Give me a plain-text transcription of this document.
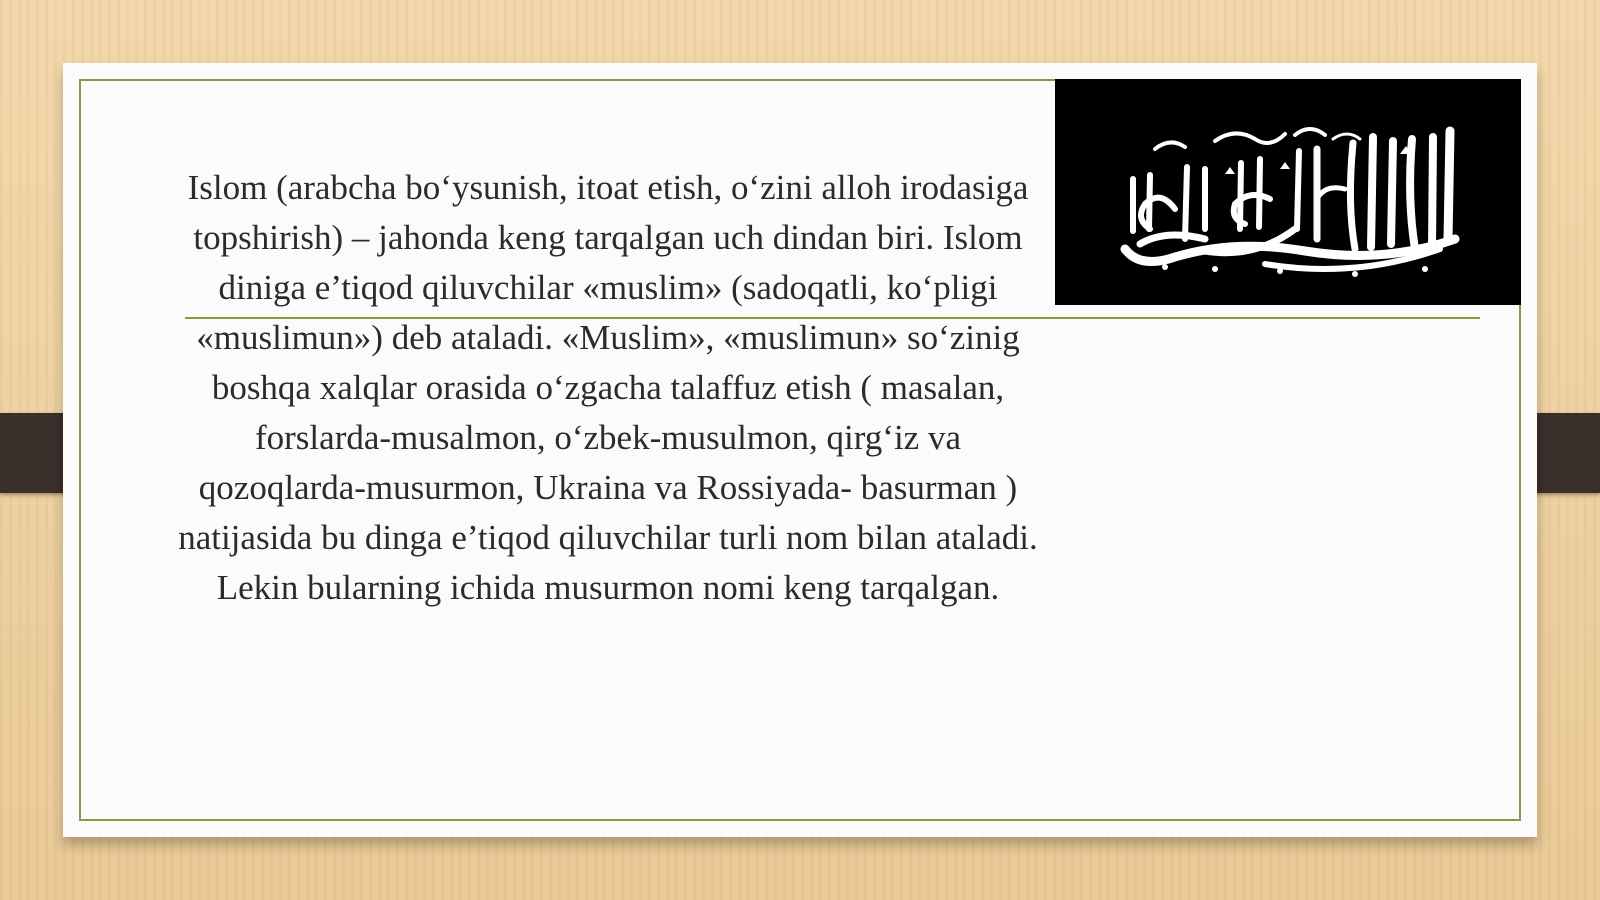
Islom (arabcha bo‘ysunish, itoat etish, o‘zini alloh irodasiga topshirish) – jahonda keng tarqalgan uch dindan biri. Islom diniga e’tiqod qiluvchilar «muslim» (sadoqatli, ko‘pligi «muslimun») deb ataladi. «Muslim», «muslimun» so‘zinig boshqa xalqlar orasida o‘zgacha talaffuz etish ( masalan, forslarda-musalmon, o‘zbek-musulmon, qirg‘iz va qozoqlarda-musurmon, Ukraina va Rossiyada- basurman ) natijasida bu dinga e’tiqod qiluvchilar turli nom bilan ataladi. Lekin bularning ichida musurmon nomi keng tarqalgan.
